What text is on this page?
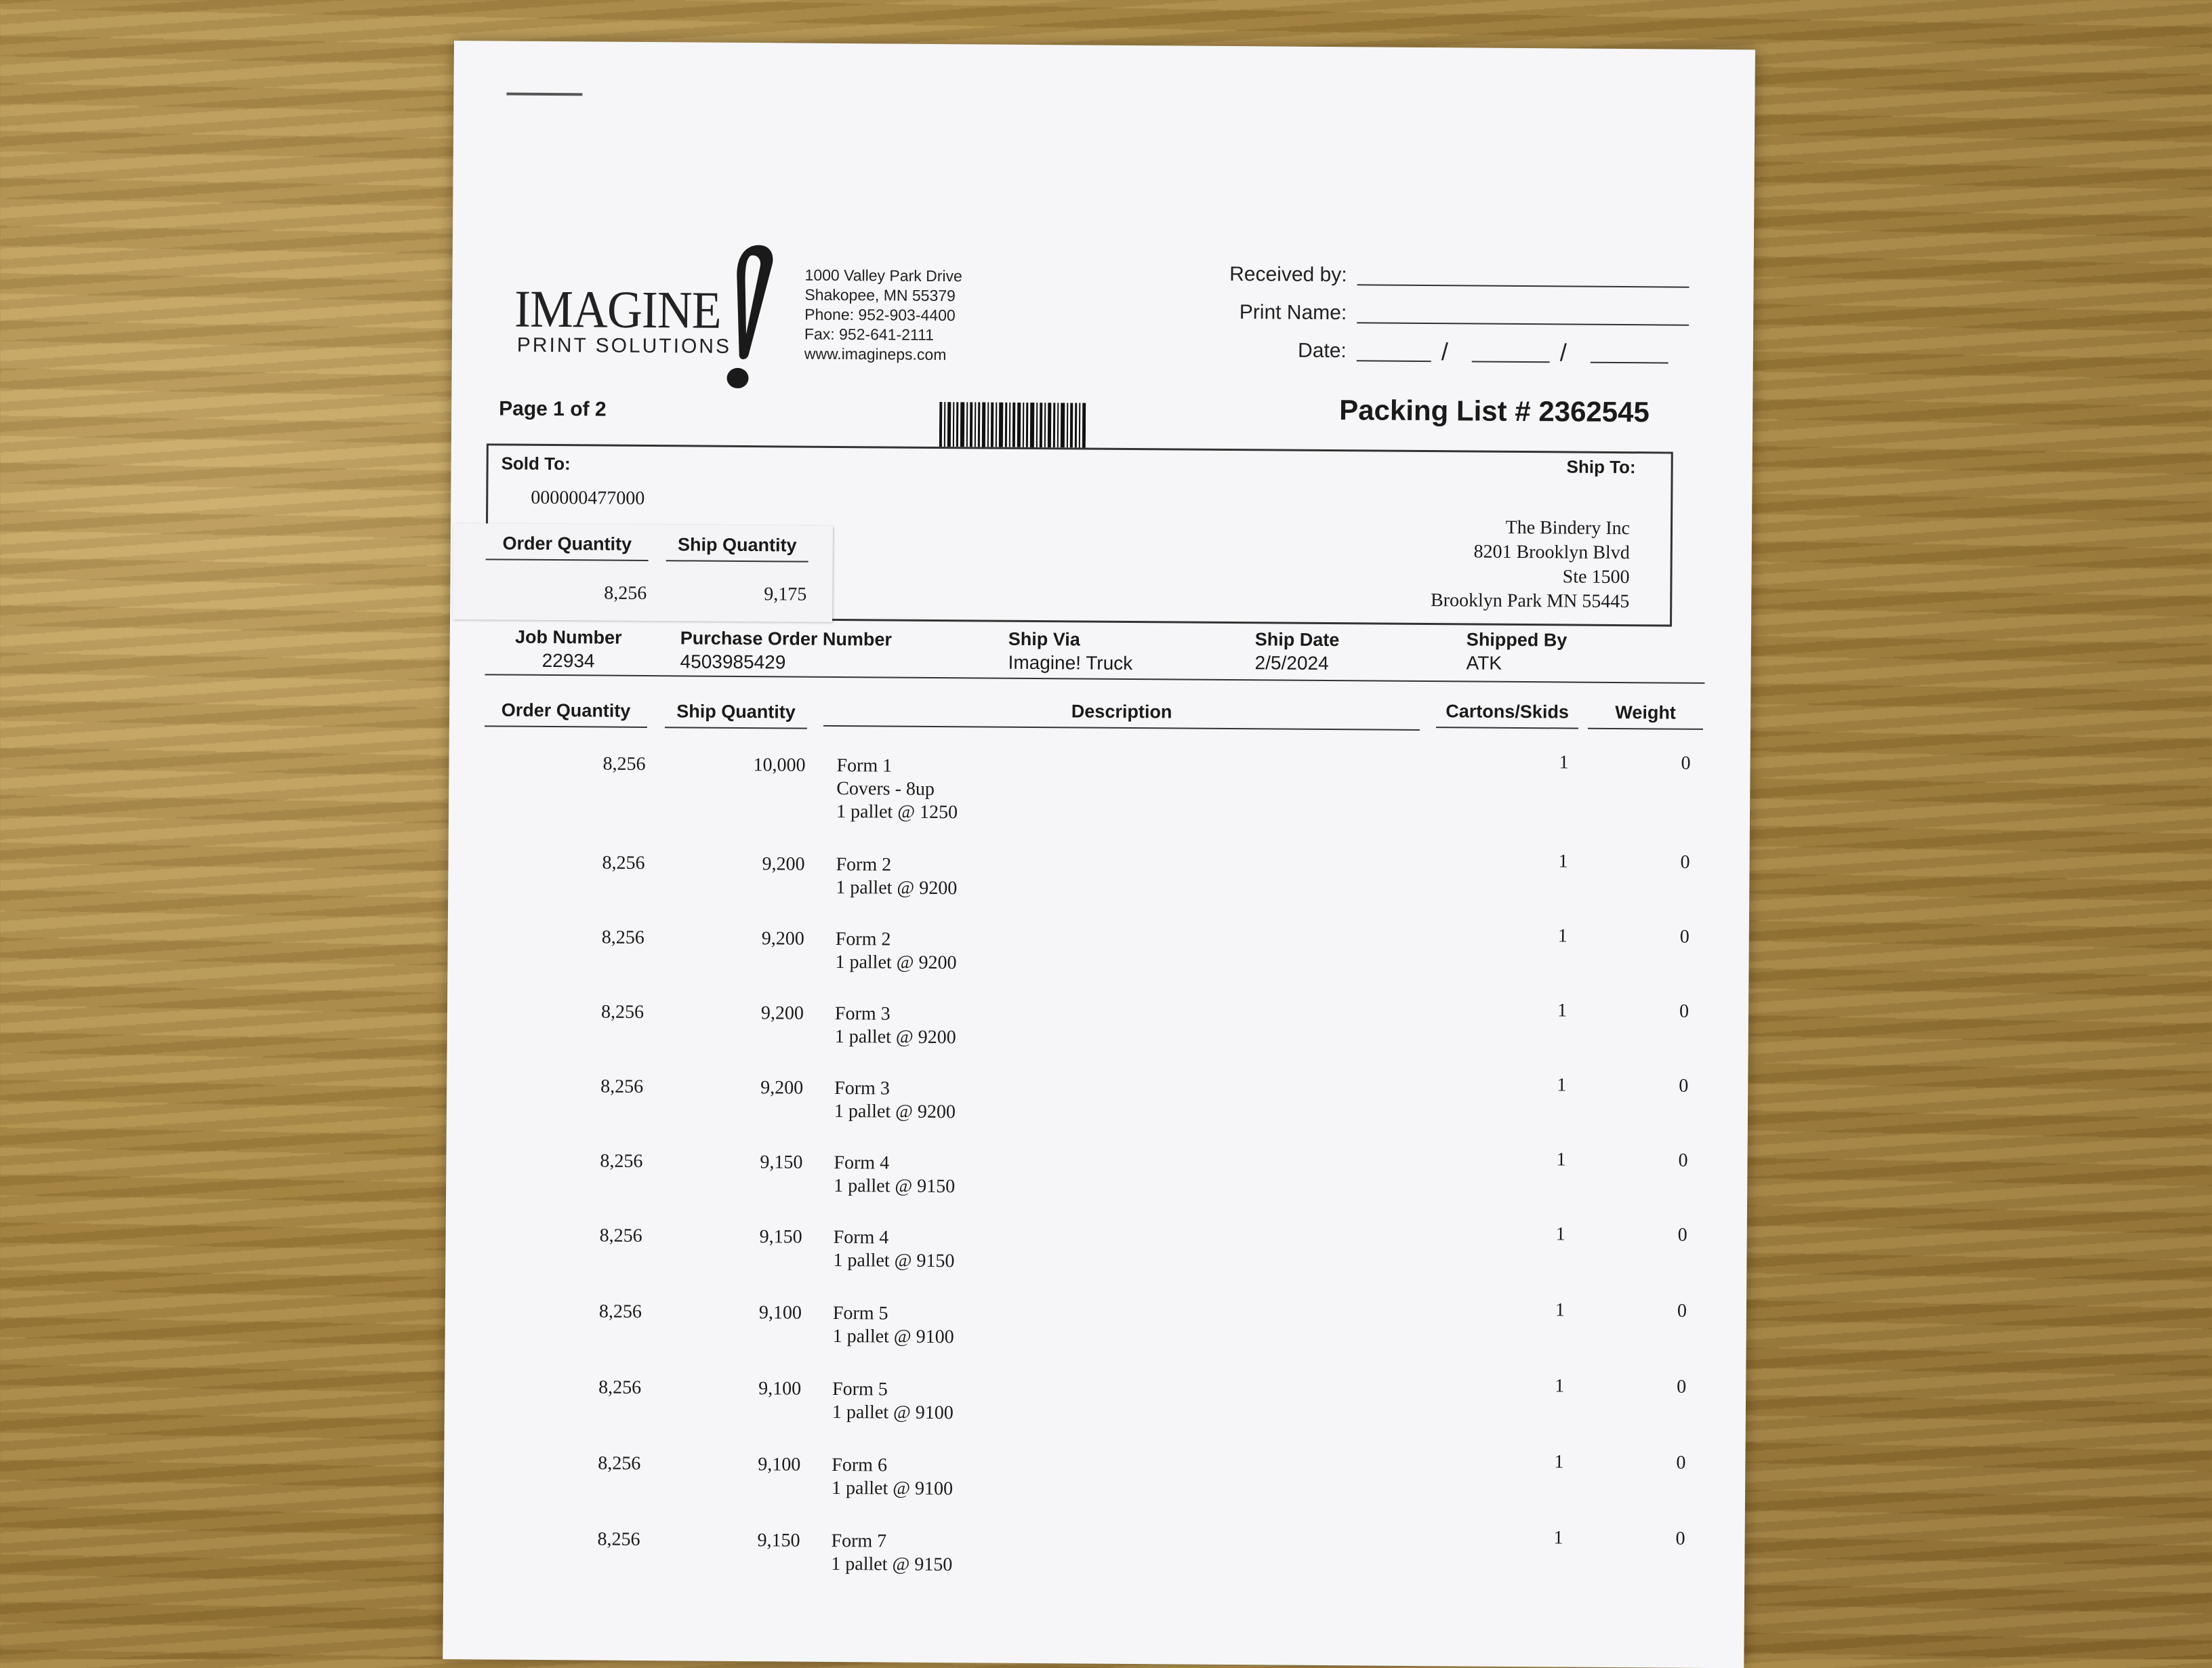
IMAGINE
PRINT SOLUTIONS
1000 Valley Park Drive
Shakopee, MN 55379
Phone: 952-903-4400
Fax: 952-641-2111
www.imagineps.com
Received by:
Print Name:
Date:	/	/
Page 1 of 2	Packing List # 2362545
Sold To:
000000477000
Ship To:
The Bindery Inc
8201 Brooklyn Blvd
Ste 1500
Brooklyn Park MN 55445
Order Quantity	Ship Quantity
8,256	9,175
Job Number
22934
Purchase Order Number
4503985429
Ship Via
Imagine! Truck
Ship Date
2/5/2024
Shipped By
ATK
Order Quantity	Ship Quantity	Description	Cartons/Skids	Weight
8,256	10,000 Form 1
Covers - 8up
1 pallet @ 1250
1	0
8,256	9,200 Form 2
1 pallet @ 9200
1	0
8,256	9,200 Form 2
1 pallet @ 9200
1	0
8,256	9,200 Form 3
1 pallet @ 9200
1	0
8,256	9,200 Form 3
1 pallet @ 9200
1	0
8,256	9,150 Form 4
1 pallet @ 9150
1	0
8,256	9,150 Form 4
1 pallet @ 9150
1	0
8,256	9,100 Form 5
1 pallet @ 9100
1	0
8,256	9,100 Form 5
1 pallet @ 9100
1	0
8,256	9,100 Form 6
1 pallet @ 9100
1	0
8,256	9,150 Form 7
1 pallet @ 9150
1	0
